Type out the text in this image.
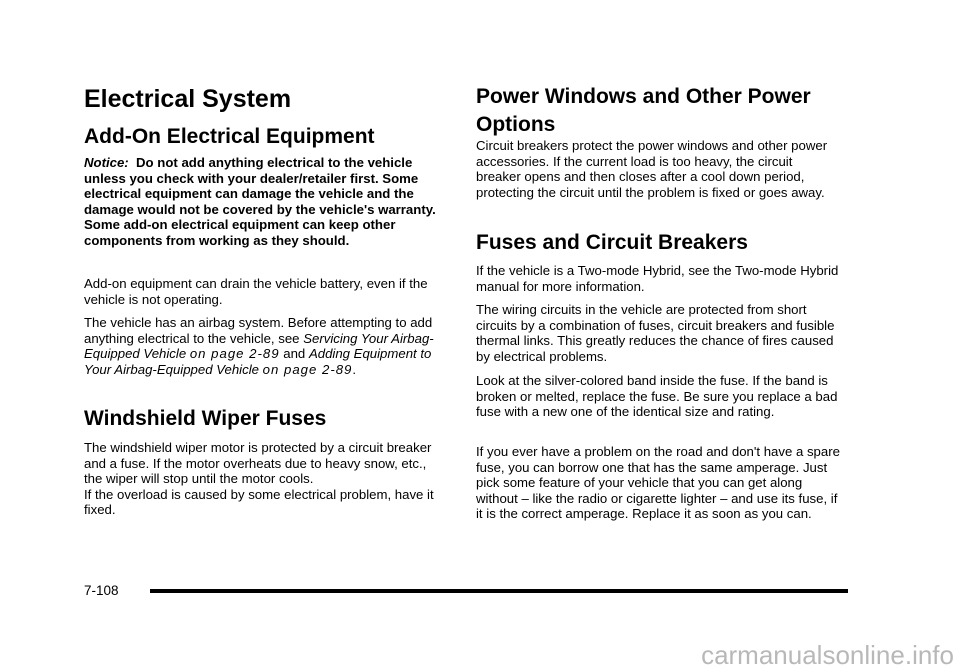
Electrical System
Add-On Electrical Equipment

Notice: Do not add anything electrical to the vehicle unless you check with your dealer/retailer first. Some electrical equipment can damage the vehicle and the damage would not be covered by the vehicle's warranty. Some add-on electrical equipment can keep other components from working as they should.

Add-on equipment can drain the vehicle battery, even if the vehicle is not operating.

The vehicle has an airbag system. Before attempting to add anything electrical to the vehicle, see Servicing Your Airbag-Equipped Vehicle on page 2-89 and Adding Equipment to Your Airbag-Equipped Vehicle on page 2-89.

Windshield Wiper Fuses

The windshield wiper motor is protected by a circuit breaker and a fuse. If the motor overheats due to heavy snow, etc., the wiper will stop until the motor cools.
If the overload is caused by some electrical problem, have it fixed.

Power Windows and Other Power
Options

Circuit breakers protect the power windows and other power accessories. If the current load is too heavy, the circuit breaker opens and then closes after a cool down period, protecting the circuit until the problem is fixed or goes away.

Fuses and Circuit Breakers

If the vehicle is a Two-mode Hybrid, see the Two-mode Hybrid manual for more information.

The wiring circuits in the vehicle are protected from short circuits by a combination of fuses, circuit breakers and fusible thermal links. This greatly reduces the chance of fires caused by electrical problems.

Look at the silver-colored band inside the fuse. If the band is broken or melted, replace the fuse. Be sure you replace a bad fuse with a new one of the identical size and rating.

If you ever have a problem on the road and don't have a spare fuse, you can borrow one that has the same amperage. Just pick some feature of your vehicle that you can get along without – like the radio or cigarette lighter – and use its fuse, if it is the correct amperage. Replace it as soon as you can.

7-108
carmanualsonline.info
